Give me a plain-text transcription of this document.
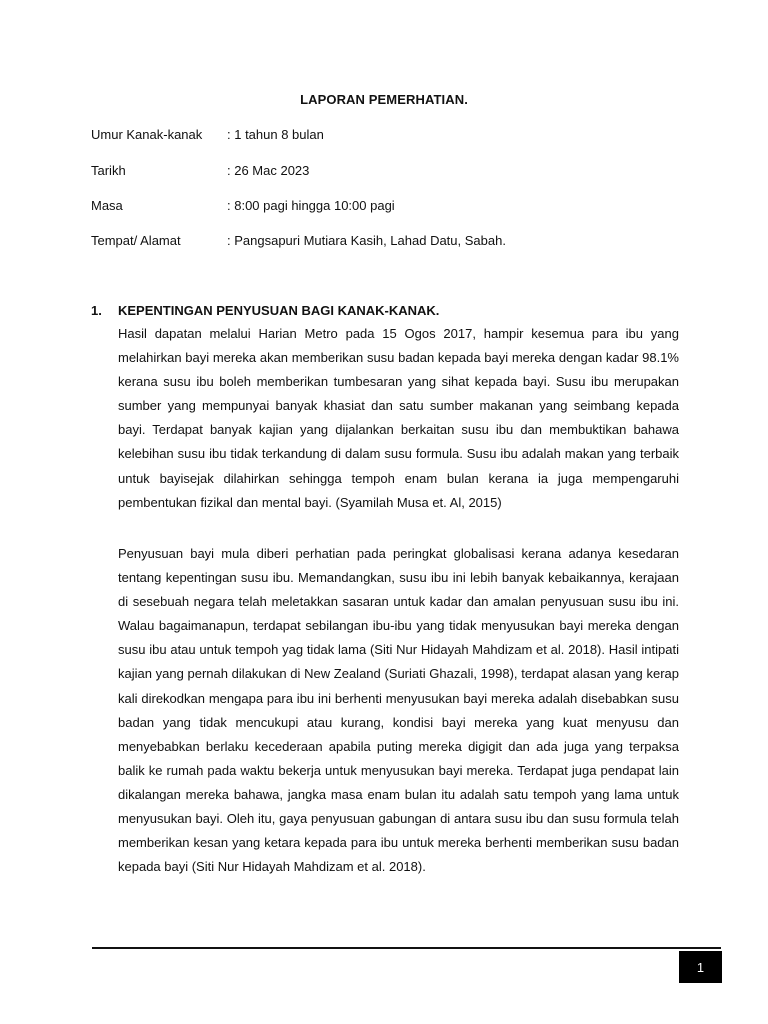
LAPORAN PEMERHATIAN.
Umur Kanak-kanak : 1 tahun 8 bulan
Tarikh	: 26 Mac 2023
Masa	: 8:00 pagi hingga 10:00 pagi
Tempat/ Alamat	: Pangsapuri Mutiara Kasih, Lahad Datu, Sabah.
1. KEPENTINGAN PENYUSUAN BAGI KANAK-KANAK.

Hasil dapatan melalui Harian Metro pada 15 Ogos 2017, hampir kesemua para ibu yang melahirkan bayi mereka akan memberikan susu badan kepada bayi mereka dengan kadar 98.1% kerana susu ibu boleh memberikan tumbesaran yang sihat kepada bayi. Susu ibu merupakan sumber yang mempunyai banyak khasiat dan satu sumber makanan yang seimbang kepada bayi. Terdapat banyak kajian yang dijalankan berkaitan susu ibu dan membuktikan bahawa kelebihan susu ibu tidak terkandung di dalam susu formula. Susu ibu adalah makan yang terbaik untuk bayisejak dilahirkan sehingga tempoh enam bulan kerana ia juga mempengaruhi pembentukan fizikal dan mental bayi. (Syamilah Musa et. Al, 2015)

Penyusuan bayi mula diberi perhatian pada peringkat globalisasi kerana adanya kesedaran tentang kepentingan susu ibu. Memandangkan, susu ibu ini lebih banyak kebaikannya, kerajaan di sesebuah negara telah meletakkan sasaran untuk kadar dan amalan penyusuan susu ibu ini. Walau bagaimanapun, terdapat sebilangan ibu-ibu yang tidak menyusukan bayi mereka dengan susu ibu atau untuk tempoh yag tidak lama (Siti Nur Hidayah Mahdizam et al. 2018). Hasil intipati kajian yang pernah dilakukan di New Zealand (Suriati Ghazali, 1998), terdapat alasan yang kerap kali direkodkan mengapa para ibu ini berhenti menyusukan bayi mereka adalah disebabkan susu badan yang tidak mencukupi atau kurang, kondisi bayi mereka yang kuat menyusu dan menyebabkan berlaku kecederaan apabila puting mereka digigit dan ada juga yang terpaksa balik ke rumah pada waktu bekerja untuk menyusukan bayi mereka. Terdapat juga pendapat lain dikalangan mereka bahawa, jangka masa enam bulan itu adalah satu tempoh yang lama untuk menyusukan bayi. Oleh itu, gaya penyusuan gabungan di antara susu ibu dan susu formula telah memberikan kesan yang ketara kepada para ibu untuk mereka berhenti memberikan susu badan kepada bayi (Siti Nur Hidayah Mahdizam et al. 2018).

1
